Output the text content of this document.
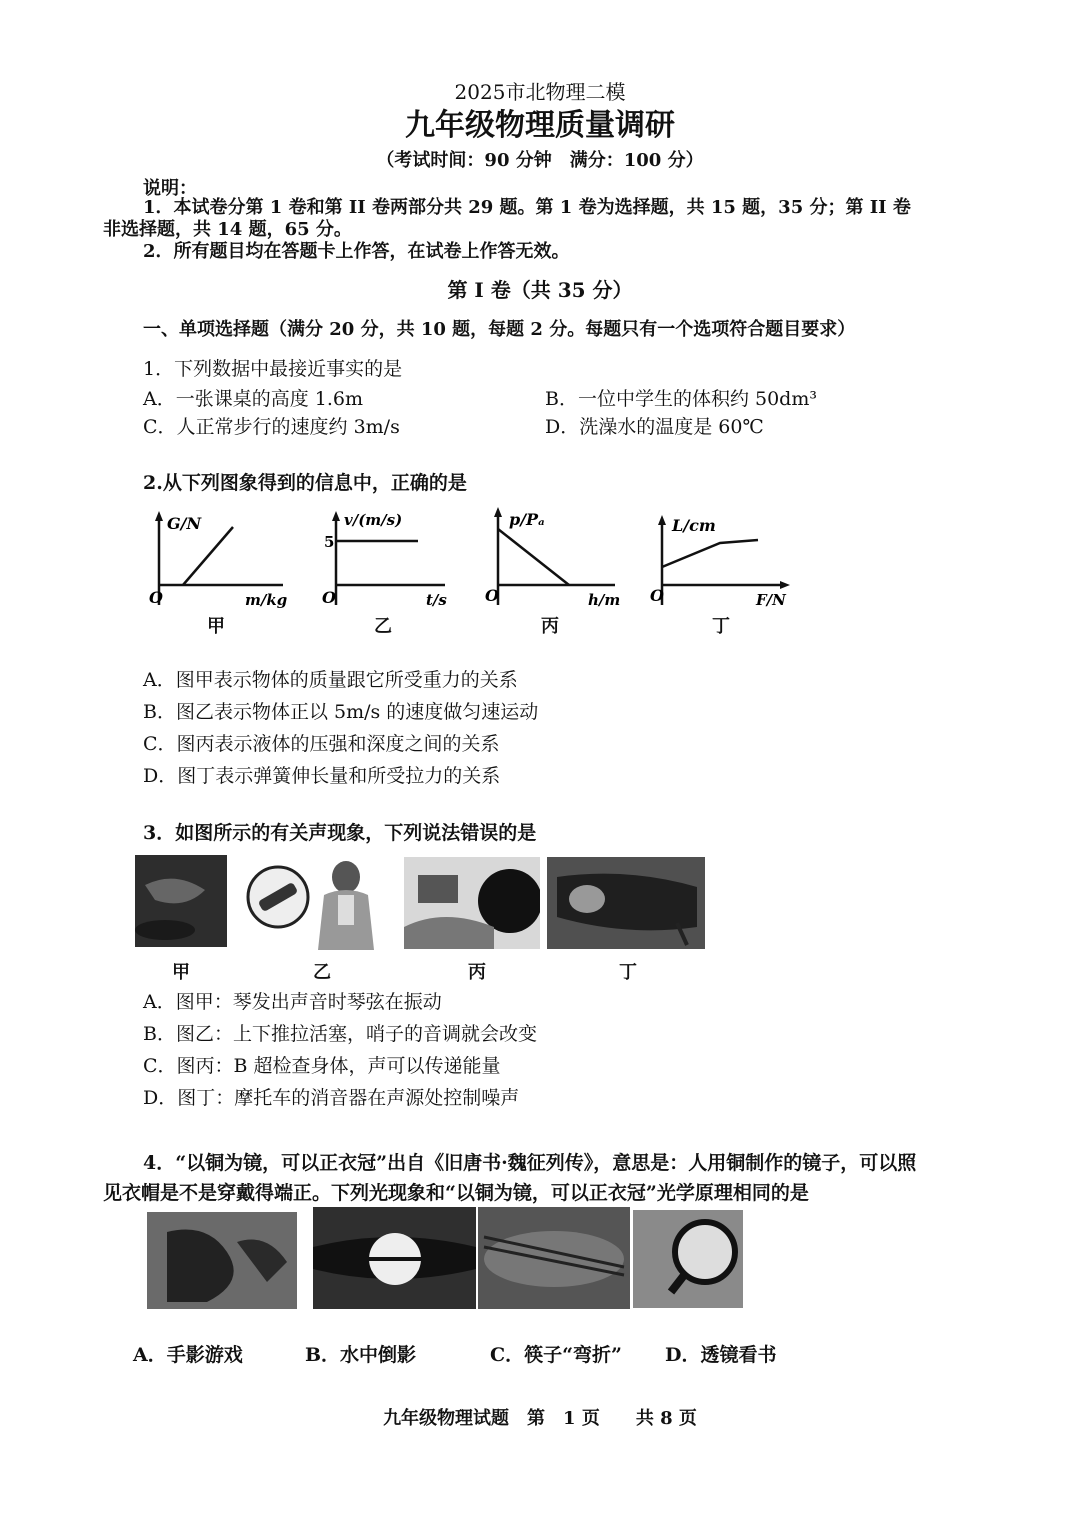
2025市北物理二模
九年级物理质量调研
（考试时间：90 分钟　满分：100 分）
说明：
1．本试卷分第 1 卷和第 II 卷两部分共 29 题。第 1 卷为选择题，共 15 题，35 分；第 II 卷
非选择题，共 14 题，65 分。
2．所有题目均在答题卡上作答，在试卷上作答无效。
第 I 卷（共 35 分）
一、单项选择题（满分 20 分，共 10 题，每题 2 分。每题只有一个选项符合题目要求）
1．下列数据中最接近事实的是
A．一张课桌的高度 1.6m	B．一位中学生的体积约 50dm³
C．人正常步行的速度约 3m/s	D．洗澡水的温度是 60℃
2.从下列图象得到的信息中，正确的是
G/N
O	m/kg
甲
v/(m/s)
5
O	t/s
乙
p/Pₐ
O	h/m
丙
L/cm
O	F/N
丁
A．图甲表示物体的质量跟它所受重力的关系
B．图乙表示物体正以 5m/s 的速度做匀速运动
C．图丙表示液体的压强和深度之间的关系
D．图丁表示弹簧伸长量和所受拉力的关系
3．如图所示的有关声现象，下列说法错误的是
甲	乙	丙	丁
A．图甲：琴发出声音时琴弦在振动
B．图乙：上下推拉活塞，哨子的音调就会改变
C．图丙：B 超检查身体，声可以传递能量
D．图丁：摩托车的消音器在声源处控制噪声
4．“以铜为镜，可以正衣冠”出自《旧唐书·魏征列传》，意思是：人用铜制作的镜子，可以照
见衣帽是不是穿戴得端正。下列光现象和“以铜为镜，可以正衣冠”光学原理相同的是
A．手影游戏	B．水中倒影	C．筷子“弯折” D．透镜看书
九年级物理试题　第　1 页　　共 8 页
